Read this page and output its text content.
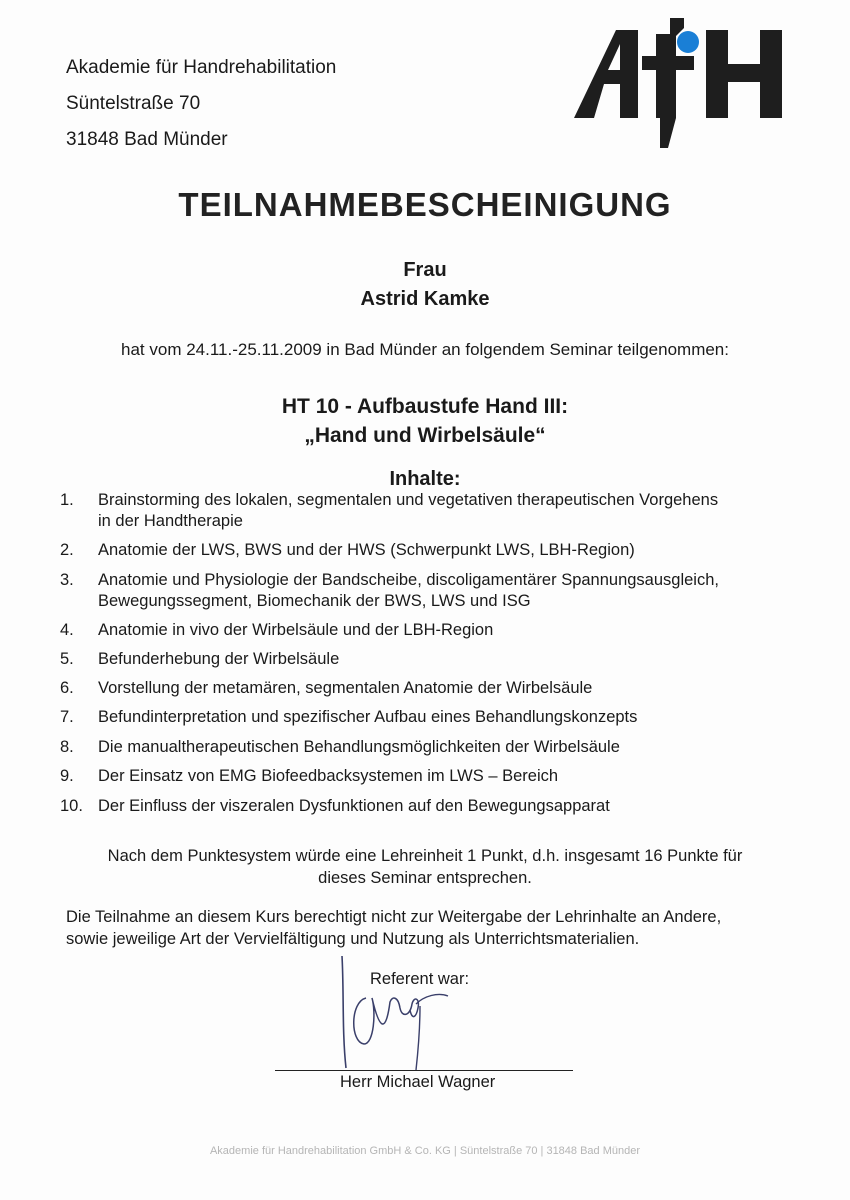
Akademie für Handrehabilitation
Süntelstraße 70
31848 Bad Münder
TEILNAHMEBESCHEINIGUNG
Frau
Astrid Kamke
hat vom 24.11.-25.11.2009 in Bad Münder an folgendem Seminar teilgenommen:
HT 10 - Aufbaustufe Hand III:
„Hand und Wirbelsäule“
Inhalte:
1.	Brainstorming des lokalen, segmentalen und vegetativen therapeutischen Vorgehens
in der Handtherapie
2.	Anatomie der LWS, BWS und der HWS (Schwerpunkt LWS, LBH-Region)
3.	Anatomie und Physiologie der Bandscheibe, discoligamentärer Spannungsausgleich,
Bewegungssegment, Biomechanik der BWS, LWS und ISG
4.	Anatomie in vivo der Wirbelsäule und der LBH-Region
5.	Befunderhebung der Wirbelsäule
6.	Vorstellung der metamären, segmentalen Anatomie der Wirbelsäule
7.	Befundinterpretation und spezifischer Aufbau eines Behandlungskonzepts
8.	Die manualtherapeutischen Behandlungsmöglichkeiten der Wirbelsäule
9.	Der Einsatz von EMG Biofeedbacksystemen im LWS – Bereich
10. Der Einfluss der viszeralen Dysfunktionen auf den Bewegungsapparat
Nach dem Punktesystem würde eine Lehreinheit 1 Punkt, d.h. insgesamt 16 Punkte für
dieses Seminar entsprechen.
Die Teilnahme an diesem Kurs berechtigt nicht zur Weitergabe der Lehrinhalte an Andere,
sowie jeweilige Art der Vervielfältigung und Nutzung als Unterrichtsmaterialien.
Referent war:
Herr Michael Wagner
Akademie für Handrehabilitation GmbH & Co. KG | Süntelstraße 70 | 31848 Bad Münder
